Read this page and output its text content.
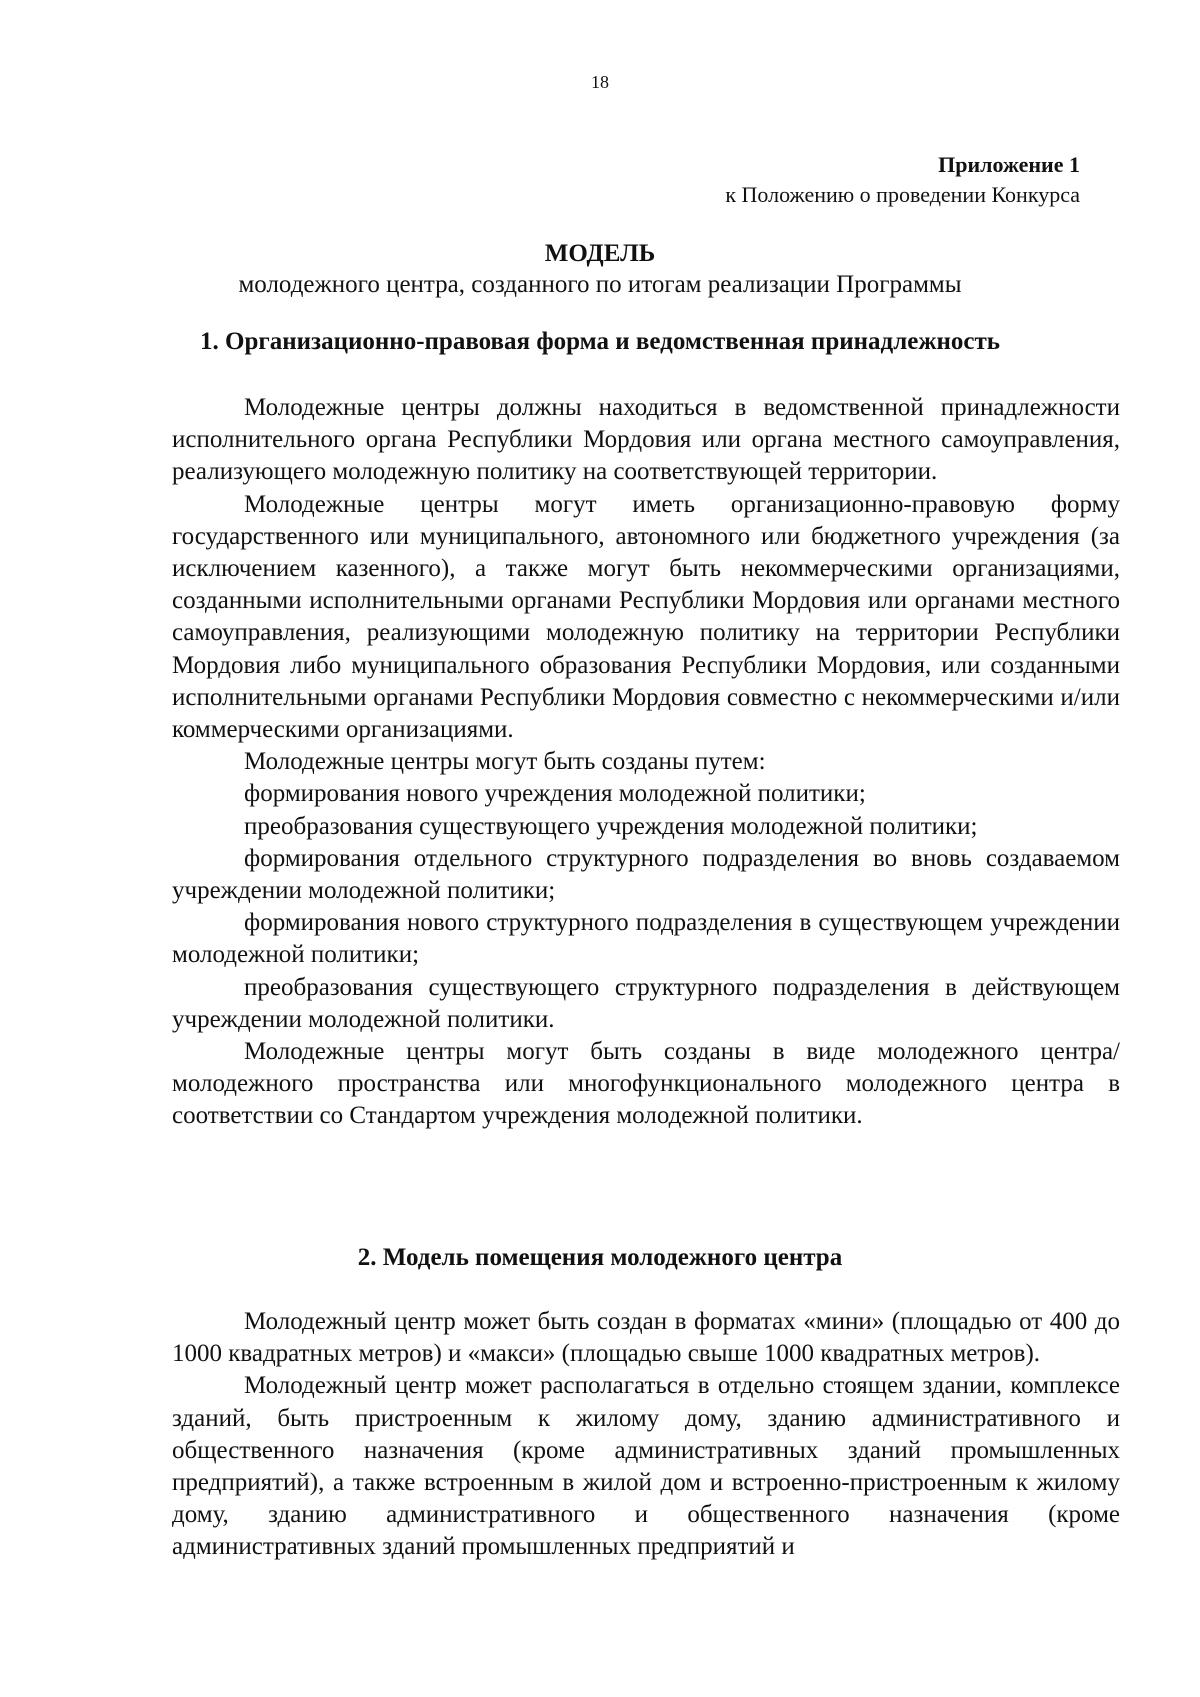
18
Приложение 1
к Положению о проведении Конкурса
МОДЕЛЬ
молодежного центра, созданного по итогам реализации Программы
1. Организационно-правовая форма и ведомственная принадлежность

Молодежные центры должны находиться в ведомственной принадлежности исполнительного органа Республики Мордовия или органа местного самоуправления, реализующего молодежную политику на соответствующей территории.

Молодежные центры могут иметь организационно-правовую форму государственного или муниципального, автономного или бюджетного учреждения (за исключением казенного), а также могут быть некоммерческими организациями, созданными исполнительными органами Республики Мордовия или органами местного самоуправления, реализующими молодежную политику на территории Республики Мордовия либо муниципального образования Республики Мордовия, или созданными исполнительными органами Республики Мордовия совместно с некоммерческими и/или коммерческими организациями.

Молодежные центры могут быть созданы путем:

формирования нового учреждения молодежной политики;

преобразования существующего учреждения молодежной политики;

формирования отдельного структурного подразделения во вновь создаваемом учреждении молодежной политики;

формирования нового структурного подразделения в существующем учреждении молодежной политики;

преобразования существующего структурного подразделения в действующем учреждении молодежной политики.

Молодежные центры могут быть созданы в виде молодежного центра/молодежного пространства или многофункционального молодежного центра в соответствии со Стандартом учреждения молодежной политики.

2. Модель помещения молодежного центра

Молодежный центр может быть создан в форматах «мини» (площадью от 400 до 1000 квадратных метров) и «макси» (площадью свыше 1000 квадратных метров).

Молодежный центр может располагаться в отдельно стоящем здании, комплексе зданий, быть пристроенным к жилому дому, зданию административного и общественного назначения (кроме административных зданий промышленных предприятий), а также встроенным в жилой дом и встроенно-пристроенным к жилому дому, зданию административного и общественного назначения (кроме административных зданий промышленных предприятий и
